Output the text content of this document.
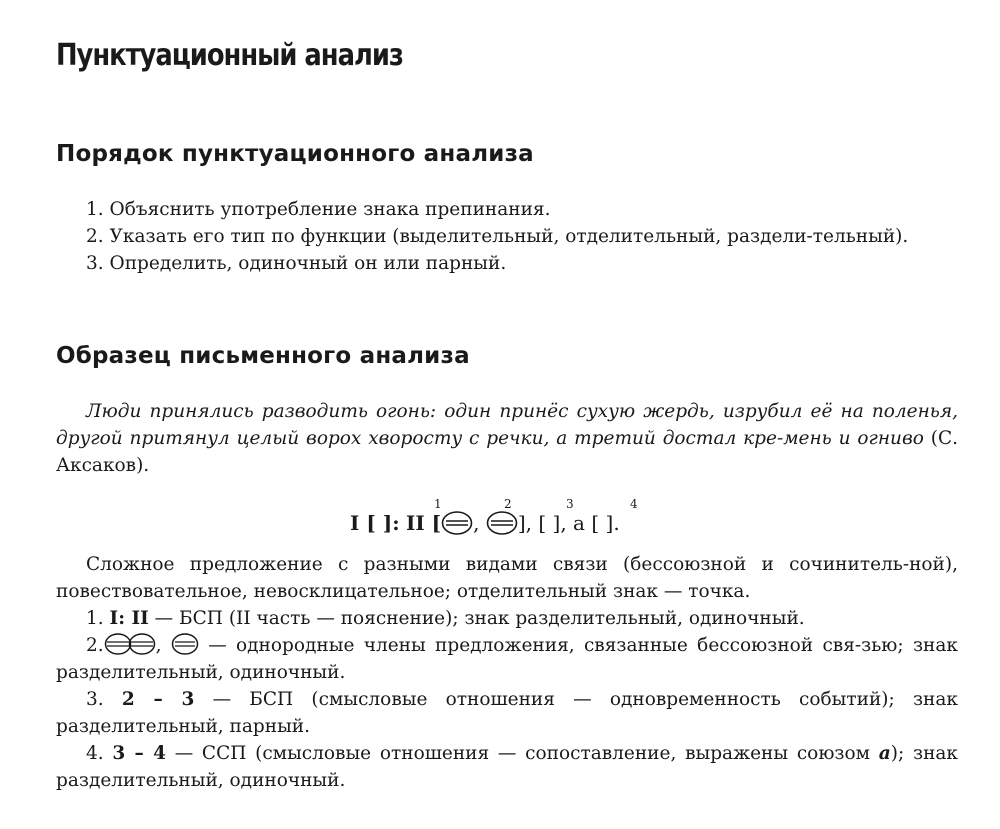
Пунктуационный анализ
Порядок пунктуационного анализа
1. Объяснить употребление знака препинания.
2. Указать его тип по функции (выделительный, отделительный, раздели-тельный).
3. Определить, одиночный он или парный.
Образец письменного анализа
Люди принялись разводить огонь: один принёс сухую жердь, изрубил её на поленья, другой притянул целый ворох хворосту с речки, а третий достал кре-мень и огниво (С. Аксаков).
1	2	3	4
I [ ]: II [ , ], [ ], а [ ].
Сложное предложение с разными видами связи (бессоюзной и сочинитель-ной), повествовательное, невосклицательное; отделительный знак — точка.
1. I: II — БСП (II часть — пояснение); знак разделительный, одиночный.
2.	,	— однородные члены предложения, связанные бессоюзной свя-зью; знак разделительный, одиночный.
3. 2 – 3 — БСП (смысловые отношения — одновременность событий); знак разделительный, парный.
4. 3 – 4 — ССП (смысловые отношения — сопоставление, выражены союзом а); знак разделительный, одиночный.
